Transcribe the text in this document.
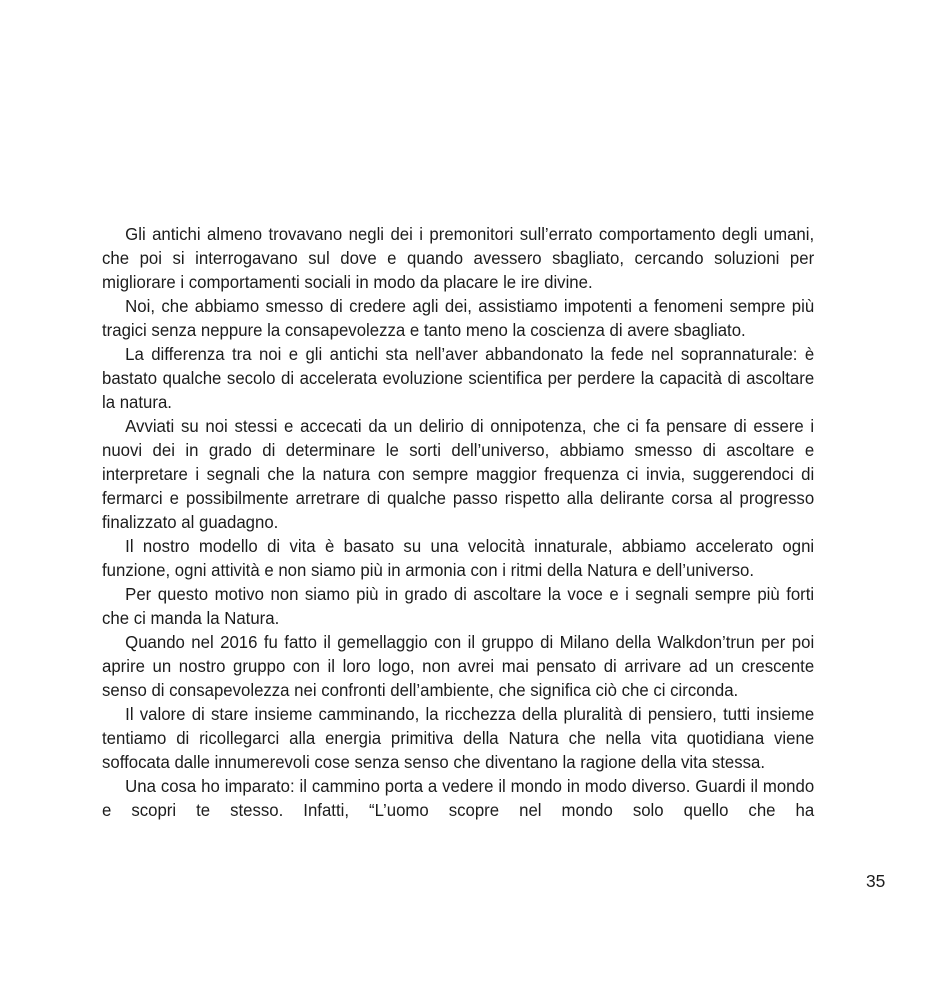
Gli antichi almeno trovavano negli dei i premonitori sull’errato comportamento degli umani, che poi si interrogavano sul dove e quando avessero sbagliato, cercando soluzioni per migliorare i comportamenti sociali in modo da placare le ire divine.

Noi, che abbiamo smesso di credere agli dei, assistiamo impotenti a fenomeni sempre più tragici senza neppure la consapevolezza e tanto meno la coscienza di avere sbagliato.

La differenza tra noi e gli antichi sta nell’aver abbandonato la fede nel soprannaturale: è bastato qualche secolo di accelerata evoluzione scientifica per perdere la capacità di ascoltare la natura.

Avviati su noi stessi e accecati da un delirio di onnipotenza, che ci fa pensare di essere i nuovi dei in grado di determinare le sorti dell’universo, abbiamo smesso di ascoltare e interpretare i segnali che la natura con sempre maggior frequenza ci invia, suggerendoci di fermarci e possibilmente arretrare di qualche passo rispetto alla delirante corsa al progresso finalizzato al guadagno.

Il nostro modello di vita è basato su una velocità innaturale, abbiamo accelerato ogni funzione, ogni attività e non siamo più in armonia con i ritmi della Natura e dell’universo.

Per questo motivo non siamo più in grado di ascoltare la voce e i segnali sempre più forti che ci manda la Natura.

Quando nel 2016 fu fatto il gemellaggio con il gruppo di Milano della Walkdon’trun per poi aprire un nostro gruppo con il loro logo, non avrei mai pensato di arrivare ad un crescente senso di consapevolezza nei confronti dell’ambiente, che significa ciò che ci circonda.

Il valore di stare insieme camminando, la ricchezza della pluralità di pensiero, tutti insieme tentiamo di ricollegarci alla energia primitiva della Natura che nella vita quotidiana viene soffocata dalle innumerevoli cose senza senso che diventano la ragione della vita stessa.

Una cosa ho imparato: il cammino porta a vedere il mondo in modo diverso. Guardi il mondo e scopri te stesso. Infatti, “L’uomo scopre nel mondo solo quello che ha

35
